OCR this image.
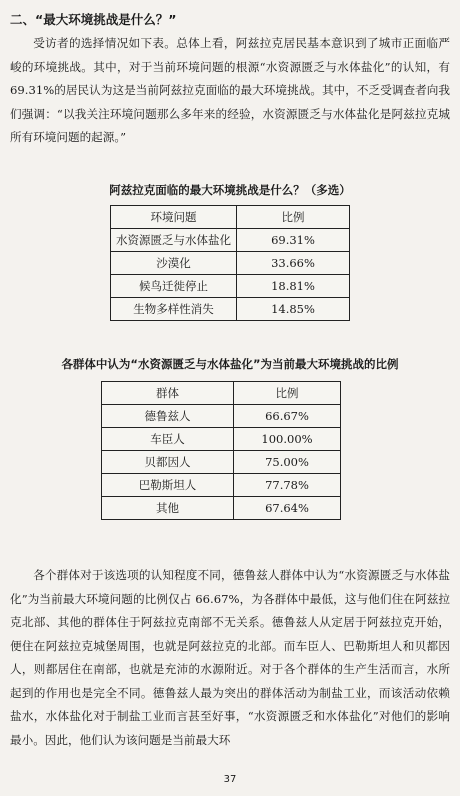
二、“最大环境挑战是什么？”

受访者的选择情况如下表。总体上看，阿兹拉克居民基本意识到了城市正面临严峻的环境挑战。其中，对于当前环境问题的根源“水资源匮乏与水体盐化”的认知，有 69.31%的居民认为这是当前阿兹拉克面临的最大环境挑战。其中，不乏受调查者向我们强调：“以我关注环境问题那么多年来的经验，水资源匮乏与水体盐化是阿兹拉克城所有环境问题的起源。”

阿兹拉克面临的最大环境挑战是什么？（多选）
环境问题	比例
水资源匮乏与水体盐化	69.31%
沙漠化	33.66%
候鸟迁徙停止	18.81%
生物多样性消失	14.85%
各群体中认为“水资源匮乏与水体盐化”为当前最大环境挑战的比例
群体	比例
德鲁兹人	66.67%
车臣人	100.00%
贝都因人	75.00%
巴勒斯坦人	77.78%
其他	67.64%

各个群体对于该选项的认知程度不同，德鲁兹人群体中认为“水资源匮乏与水体盐化”为当前最大环境问题的比例仅占 66.67%，为各群体中最低，这与他们住在阿兹拉克北部、其他的群体住于阿兹拉克南部不无关系。德鲁兹人从定居于阿兹拉克开始，便住在阿兹拉克城堡周围，也就是阿兹拉克的北部。而车臣人、巴勒斯坦人和贝都因人，则都居住在南部，也就是充沛的水源附近。对于各个群体的生产生活而言，水所起到的作用也是完全不同。德鲁兹人最为突出的群体活动为制盐工业，而该活动依赖盐水，水体盐化对于制盐工业而言甚至好事，“水资源匮乏和水体盐化”对他们的影响最小。因此，他们认为该问题是当前最大环

37
